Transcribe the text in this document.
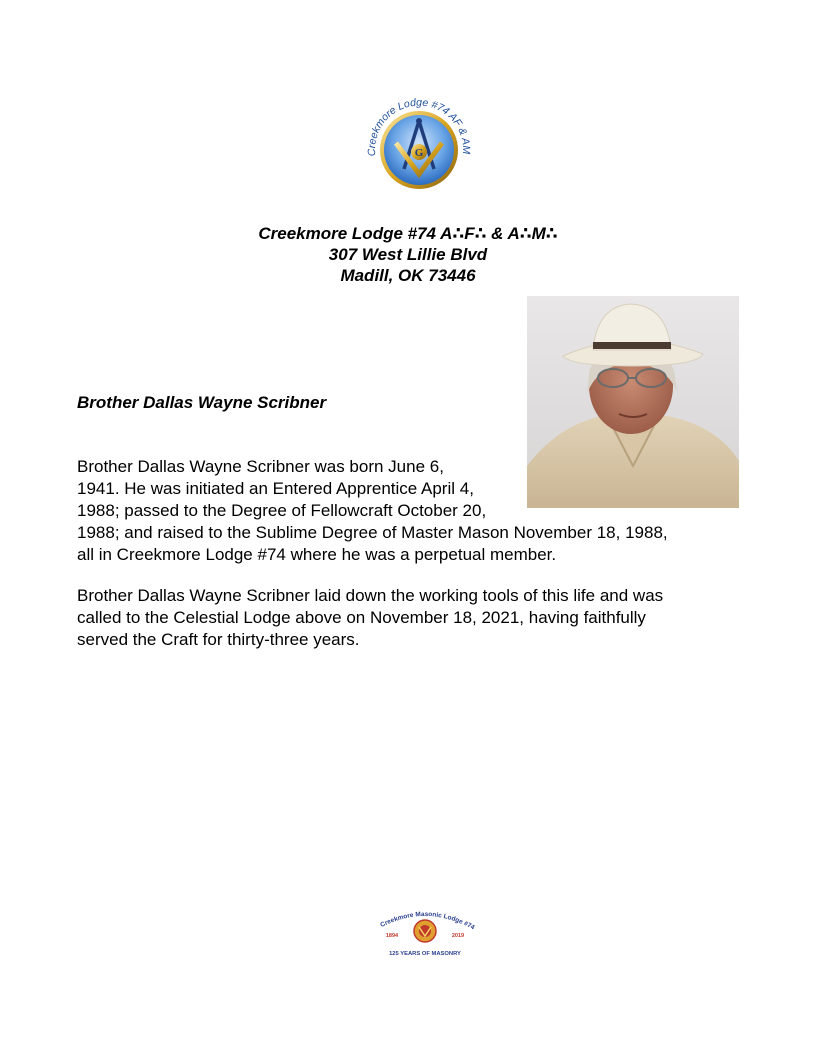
Creekmore Lodge #74 AF & AM
G
Creekmore Lodge #74 A∴F∴ & A∴M∴
307 West Lillie Blvd
Madill, OK 73446
Brother Dallas Wayne Scribner
Brother Dallas Wayne Scribner was born June 6,
1941. He was initiated an Entered Apprentice April 4,
1988; passed to the Degree of Fellowcraft October 20,
1988; and raised to the Sublime Degree of Master Mason November 18, 1988,
all in Creekmore Lodge #74 where he was a perpetual member.
Brother Dallas Wayne Scribner laid down the working tools of this life and was
called to the Celestial Lodge above on November 18, 2021, having faithfully
served the Craft for thirty-three years.
Creekmore Masonic Lodge #74
1894	2019
125 YEARS OF MASONRY
